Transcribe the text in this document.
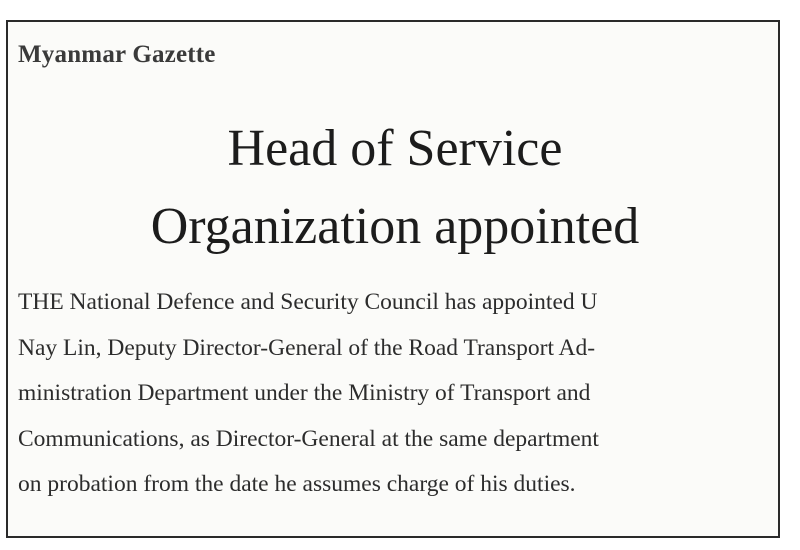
Myanmar Gazette

Head of Service
Organization appointed

THE National Defence and Security Council has appointed U
Nay Lin, Deputy Director-General of the Road Transport Ad-
ministration Department under the Ministry of Transport and
Communications, as Director-General at the same department
on probation from the date he assumes charge of his duties.
